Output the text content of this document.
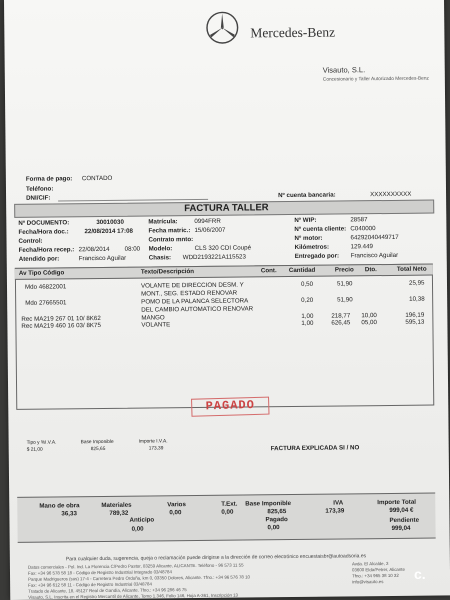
Mercedes-Benz
Visauto, S.L.
Concesionario y Taller Autorizado Mercedes-Benz
Forma de pago: CONTADO
Teléfono:
DNI/CIF:	Nº cuenta bancaria:	XXXXXXXXXX
FACTURA TALLER
Nº DOCUMENTO:	30010030
Fecha/Hora doc.:	22/08/2014 17:08
Control:
Fecha/Hora recep.: 22/08/2014 08:00
Atendido por:	Francisco Aguilar
Matrícula:	0994FRR
Fecha matric.: 15/06/2007
Contrato mnto:
Modelo:	CLS 320 CDI Coupé
Chasis: WDD2193221A115523
Nº WIP:	28587
Nº cuenta cliente: C040000
Nº motor:	64292040449717
Kilómetros:	129.449
Entregado por: Francisco Aguilar
Av Tipo Código	Texto/Descripción	Cont. Cantidad	Precio Dto.	Total Neto
Mdo 46822001	VOLANTE DE DIRECCION DESM. Y	0,50	51,90	25,95
MONT., SEG. ESTADO RENOVAR
Mdo 27665501	POMO DE LA PALANCA SELECTORA	0,20	51,90	10,38
DEL CAMBIO AUTOMATICO RENOVAR
Rec MA219 267 01 10/ 8K62	MANGO	1,00	218,77 10,00	196,19
Rec MA219 460 16 03/ 8K75	VOLANTE	1,00	626,45 05,00	595,13
PAGADO
Tipo y %I.V.A.
$ 21,00
Base Imponible
825,65
Importe I.V.A.
173,39	FACTURA EXPLICADA SI / NO
Mano de obra
36,33
Materiales
789,32
Varios
0,00
T.Ext.
0,00
Base Imponible
825,65
IVA
173,39
Importe Total
999,04 €
Anticipo
0,00
Pagado
0,00
Pendiente
999,04
Para cualquier duda, sugerencia, queja o reclamación puede dirigirse a la dirección de correo electrónico encuestaisbr@autoadsoria.es
Datos comerciales - Pol. Ind. La Florencia C/Pedro Pastor, 03259 Alicante, ALICANTE. Teléfono - 96 573 11 55
Fax: +34 96 578 58 18 - Código de Registro Industrial Integrado 03/48784
Parque Madrigueros (sus) 17-4 - Carretera Pedro Orduña, km 0, 03350 Dolores, Alicante. Tfno.: +34 96 576 78 10
Fax: +34 96 612 58 11 - Código de Registro Industrial 03/48784
Tratado de Alicante, 18, 45127 Real de Gandía, Alicante. Tfno.: +34 96 286 46 75
Visauto, S.L. Inscrita en el Registro Mercantil de Alicante, Tomo 1.346, Folio 146, Hoja A-361, Inscripción 13
Avda. El Alcalde, 3
03600 Elda/Petrer, Alicante
Tfno.: +34 965 38 10 32
info@visauto.es c.
